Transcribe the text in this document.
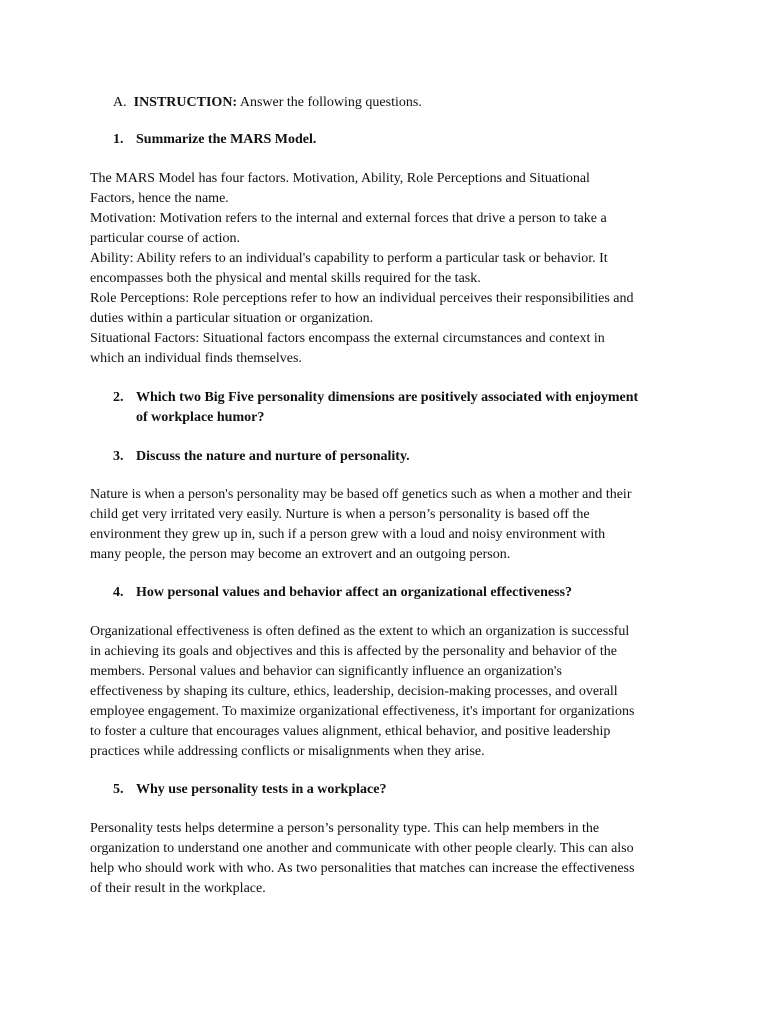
A. INSTRUCTION: Answer the following questions.
1. Summarize the MARS Model.
The MARS Model has four factors. Motivation, Ability, Role Perceptions and Situational
Factors, hence the name.
Motivation: Motivation refers to the internal and external forces that drive a person to take a
particular course of action.
Ability: Ability refers to an individual's capability to perform a particular task or behavior. It
encompasses both the physical and mental skills required for the task.
Role Perceptions: Role perceptions refer to how an individual perceives their responsibilities and
duties within a particular situation or organization.
Situational Factors: Situational factors encompass the external circumstances and context in
which an individual finds themselves.
2. Which two Big Five personality dimensions are positively associated with enjoyment
of workplace humor?
3. Discuss the nature and nurture of personality.
Nature is when a person's personality may be based off genetics such as when a mother and their
child get very irritated very easily. Nurture is when a person’s personality is based off the
environment they grew up in, such if a person grew with a loud and noisy environment with
many people, the person may become an extrovert and an outgoing person.
4. How personal values and behavior affect an organizational effectiveness?
Organizational effectiveness is often defined as the extent to which an organization is successful
in achieving its goals and objectives and this is affected by the personality and behavior of the
members. Personal values and behavior can significantly influence an organization's
effectiveness by shaping its culture, ethics, leadership, decision-making processes, and overall
employee engagement. To maximize organizational effectiveness, it's important for organizations
to foster a culture that encourages values alignment, ethical behavior, and positive leadership
practices while addressing conflicts or misalignments when they arise.
5. Why use personality tests in a workplace?
Personality tests helps determine a person’s personality type. This can help members in the
organization to understand one another and communicate with other people clearly. This can also
help who should work with who. As two personalities that matches can increase the effectiveness
of their result in the workplace.
